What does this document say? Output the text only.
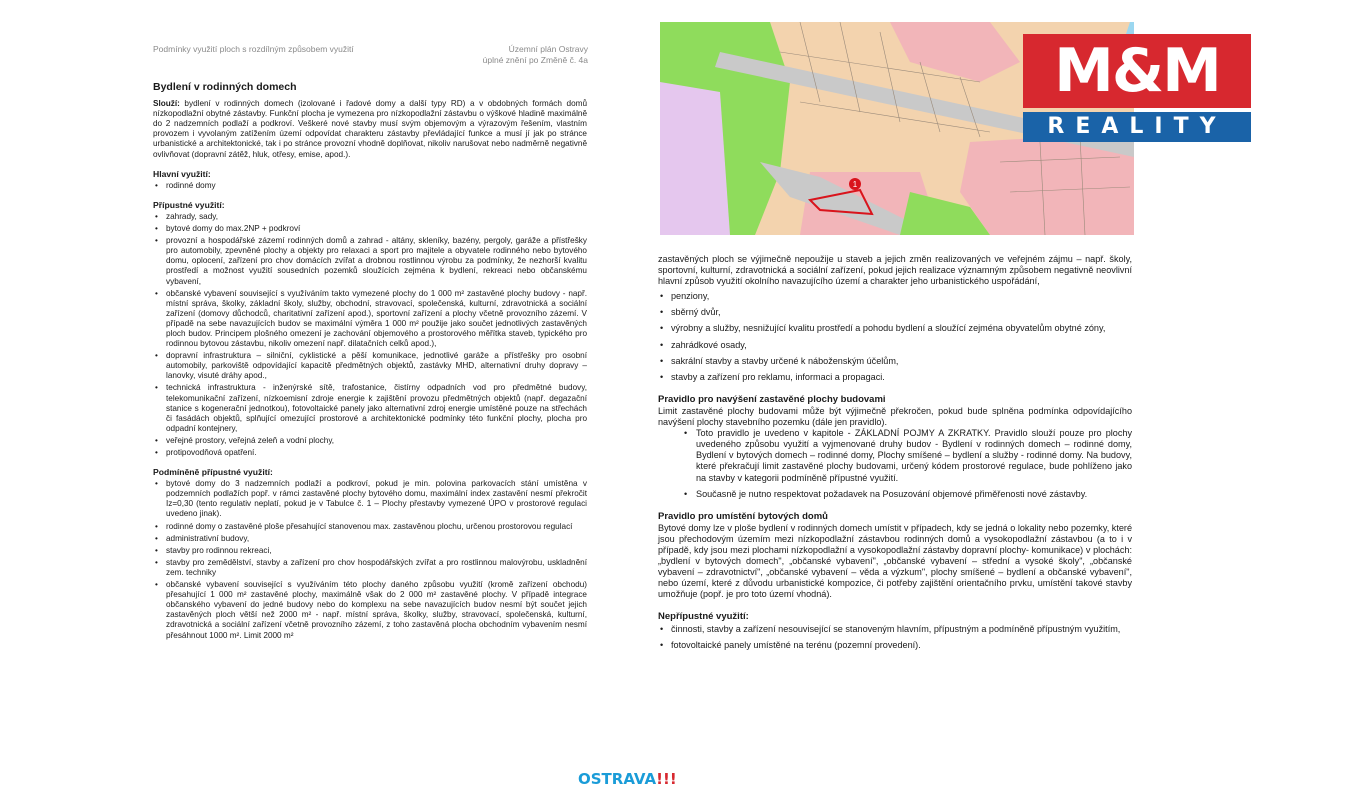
Podmínky využití ploch s rozdílným způsobem využití	Územní plán Ostravy
úplné znění po Změně č. 4a
Bydlení v rodinných domech

Slouží: bydlení v rodinných domech (izolované i řadové domy a další typy RD) a v obdobných formách domů nízkopodlažní obytné zástavby. Funkční plocha je vymezena pro nízkopodlažní zástavbu o výškové hladině maximálně do 2 nadzemních podlaží a podkroví. Veškeré nové stavby musí svým objemovým a výrazovým řešením, vlastním provozem i vyvolaným zatížením území odpovídat charakteru zástavby převládající funkce a musí jí jak po stránce urbanistické a architektonické, tak i po stránce provozní vhodně doplňovat, nikoliv narušovat nebo nadměrně negativně ovlivňovat (dopravní zátěž, hluk, otřesy, emise, apod.).

Hlavní využití:
• rodinné domy
Přípustné využití:
• zahrady, sady,
• bytové domy do max.2NP + podkroví
• provozní a hospodářské zázemí rodinných domů a zahrad - altány, skleníky, bazény, pergoly, garáže a přístřešky pro automobily, zpevněné plochy a objekty pro relaxaci a sport pro majitele a obyvatele rodinného nebo bytového domu, oplocení, zařízení pro chov domácích zvířat a drobnou rostlinnou výrobu za podmínky, že nezhorší kvalitu prostředí a možnost využití sousedních pozemků sloužících zejména k bydlení, rekreaci nebo občanskému vybavení,
• občanské vybavení související s využíváním takto vymezené plochy do 1 000 m² zastavěné plochy budovy - např. místní správa, školky, základní školy, služby, obchodní, stravovací, společenská, kulturní, zdravotnická a sociální zařízení (domovy důchodců, charitativní zařízení apod.), sportovní zařízení a plochy včetně provozního zázemí. V případě na sebe navazujících budov se maximální výměra 1 000 m² použije jako součet jednotlivých zastavěných ploch budov. Principem plošného omezení je zachování objemového a prostorového měřítka staveb, typického pro rodinnou bytovou zástavbu, nikoliv omezení např. dilatačních celků apod.),
• dopravní infrastruktura – silniční, cyklistické a pěší komunikace, jednotlivé garáže a přístřešky pro osobní automobily, parkoviště odpovídající kapacitě předmětných objektů, zastávky MHD, alternativní druhy dopravy – lanovky, visuté dráhy apod.,
• technická infrastruktura - inženýrské sítě, trafostanice, čistírny odpadních vod pro předmětné budovy, telekomunikační zařízení, nízkoemisní zdroje energie k zajištění provozu předmětných objektů (např. degazační stanice s kogenerační jednotkou), fotovoltaické panely jako alternativní zdroj energie umístěné pouze na střechách či fasádách objektů, splňující omezující prostorové a architektonické podmínky této funkční plochy, plocha pro odpadní kontejnery,
• veřejné prostory, veřejná zeleň a vodní plochy,
• protipovodňová opatření.
Podmíněně přípustné využití:
• bytové domy do 3 nadzemních podlaží a podkroví, pokud je min. polovina parkovacích stání umístěna v podzemních podlažích popř. v rámci zastavěné plochy bytového domu, maximální index zastavění nesmí překročit Iz=0,30 (tento regulativ neplatí, pokud je v Tabulce č. 1 – Plochy přestavby vymezené ÚPO v prostorové regulaci uvedeno jinak).
• rodinné domy o zastavěné ploše přesahující stanovenou max. zastavěnou plochu, určenou prostorovou regulací
• administrativní budovy,
• stavby pro rodinnou rekreaci,
• stavby pro zemědělství, stavby a zařízení pro chov hospodářských zvířat a pro rostlinnou malovýrobu, uskladnění zem. techniky
• občanské vybavení související s využíváním této plochy daného způsobu využití (kromě zařízení obchodu) přesahující 1 000 m² zastavěné plochy, maximálně však do 2 000 m² zastavěné plochy. V případě integrace občanského vybavení do jedné budovy nebo do komplexu na sebe navazujících budov nesmí být součet jejich zastavěných ploch větší než 2000 m² - např. místní správa, školky, služby, stravovací, společenská, kulturní, zdravotnická a sociální zařízení včetně provozního zázemí, z toho zastavěná plocha obchodním vybavením nesmí přesáhnout 1000 m². Limit 2000 m²
1
M&M
REALITY

zastavěných ploch se výjimečně nepoužije u staveb a jejich změn realizovaných ve veřejném zájmu – např. školy, sportovní, kulturní, zdravotnická a sociální zařízení, pokud jejich realizace významným způsobem negativně neovlivní hlavní způsob využití okolního navazujícího území a charakter jeho urbanistického uspořádání,

• penziony,
• sběrný dvůr,
• výrobny a služby, nesnižující kvalitu prostředí a pohodu bydlení a sloužící zejména obyvatelům obytné zóny,
• zahrádkové osady,
• sakrální stavby a stavby určené k náboženským účelům,
• stavby a zařízení pro reklamu, informaci a propagaci.
Pravidlo pro navýšení zastavěné plochy budovami

Limit zastavěné plochy budovami může být výjimečně překročen, pokud bude splněna podmínka odpovídajícího navýšení plochy stavebního pozemku (dále jen pravidlo).

• Toto pravidlo je uvedeno v kapitole - ZÁKLADNÍ POJMY A ZKRATKY. Pravidlo slouží pouze pro plochy uvedeného způsobu využití a vyjmenované druhy budov - Bydlení v rodinných domech – rodinné domy, Bydlení v bytových domech – rodinné domy, Plochy smíšené – bydlení a služby - rodinné domy. Na budovy, které překračují limit zastavěné plochy budovami, určený kódem prostorové regulace, bude pohlíženo jako na stavby v kategorii podmíněně přípustné využití.
• Současně je nutno respektovat požadavek na Posuzování objemové přiměřenosti nové zástavby.
Pravidlo pro umístění bytových domů

Bytové domy lze v ploše bydlení v rodinných domech umístit v případech, kdy se jedná o lokality nebo pozemky, které jsou přechodovým územím mezi nízkopodlažní zástavbou rodinných domů a vysokopodlažní zástavbou (a to i v případě, kdy jsou mezi plochami nízkopodlažní a vysokopodlažní zástavby dopravní plochy- komunikace) v plochách: „bydlení v bytových domech", „občanské vybavení", „občanské vybavení – střední a vysoké školy", „občanské vybavení – zdravotnictví", „občanské vybavení – věda a výzkum", plochy smíšené – bydlení a občanské vybavení", nebo území, které z důvodu urbanistické kompozice, či potřeby zajištění orientačního prvku, umístění takové stavby umožňuje (popř. je pro toto území vhodná).

Nepřípustné využití:
• činnosti, stavby a zařízení nesouvisející se stanoveným hlavním, přípustným a podmíněně přípustným využitím,
• fotovoltaické panely umístěné na terénu (pozemní provedení).
OSTRAVA!!!
